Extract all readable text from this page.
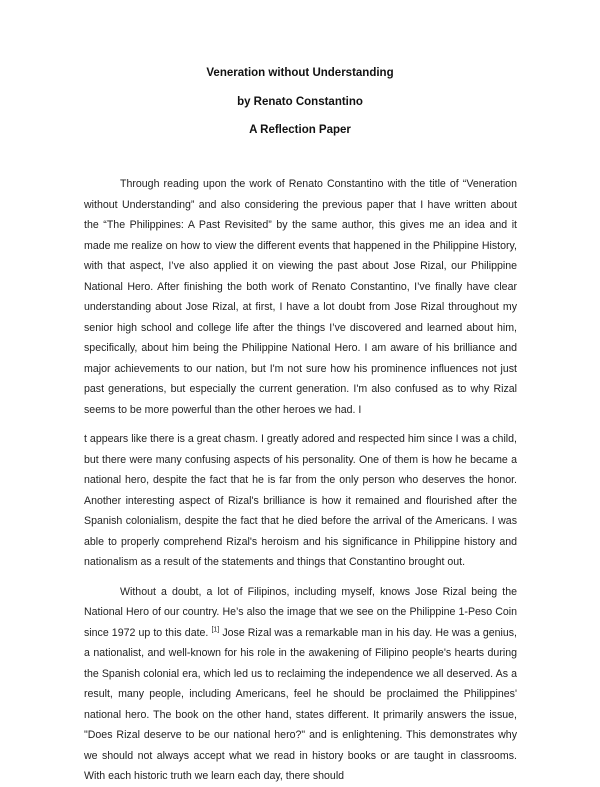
Veneration without Understanding

by Renato Constantino

A Reflection Paper

Through reading upon the work of Renato Constantino with the title of “Veneration without Understanding” and also considering the previous paper that I have written about the “The Philippines: A Past Revisited” by the same author, this gives me an idea and it made me realize on how to view the different events that happened in the Philippine History, with that aspect, I’ve also applied it on viewing the past about Jose Rizal, our Philippine National Hero. After finishing the both work of Renato Constantino, I’ve finally have clear understanding about Jose Rizal, at first, I have a lot doubt from Jose Rizal throughout my senior high school and college life after the things I’ve discovered and learned about him, specifically, about him being the Philippine National Hero. I am aware of his brilliance and major achievements to our nation, but I'm not sure how his prominence influences not just past generations, but especially the current generation. I'm also confused as to why Rizal seems to be more powerful than the other heroes we had. I

t appears like there is a great chasm. I greatly adored and respected him since I was a child, but there were many confusing aspects of his personality. One of them is how he became a national hero, despite the fact that he is far from the only person who deserves the honor. Another interesting aspect of Rizal's brilliance is how it remained and flourished after the Spanish colonialism, despite the fact that he died before the arrival of the Americans. I was able to properly comprehend Rizal's heroism and his significance in Philippine history and nationalism as a result of the statements and things that Constantino brought out.

Without a doubt, a lot of Filipinos, including myself, knows Jose Rizal being the National Hero of our country. He’s also the image that we see on the Philippine 1-Peso Coin since 1972 up to this date. [1] Jose Rizal was a remarkable man in his day. He was a genius, a nationalist, and well-known for his role in the awakening of Filipino people's hearts during the Spanish colonial era, which led us to reclaiming the independence we all deserved. As a result, many people, including Americans, feel he should be proclaimed the Philippines' national hero. The book on the other hand, states different. It primarily answers the issue, "Does Rizal deserve to be our national hero?" and is enlightening. This demonstrates why we should not always accept what we read in history books or are taught in classrooms. With each historic truth we learn each day, there should
